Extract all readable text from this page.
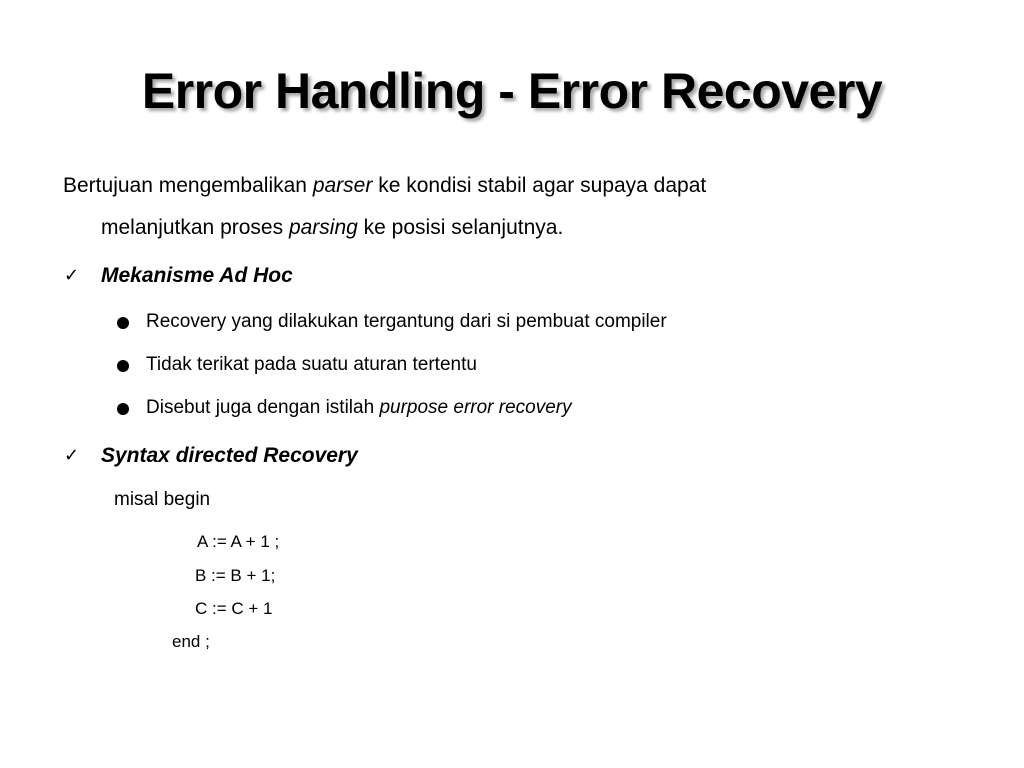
Error Handling - Error Recovery
Bertujuan mengembalikan parser ke kondisi stabil agar supaya dapat
melanjutkan proses parsing ke posisi selanjutnya.
✓ Mekanisme Ad Hoc
Recovery yang dilakukan tergantung dari si pembuat compiler
Tidak terikat pada suatu aturan tertentu
Disebut juga dengan istilah purpose error recovery
✓ Syntax directed Recovery
misal begin
A := A + 1 ;
B := B + 1;
C := C + 1
end ;
